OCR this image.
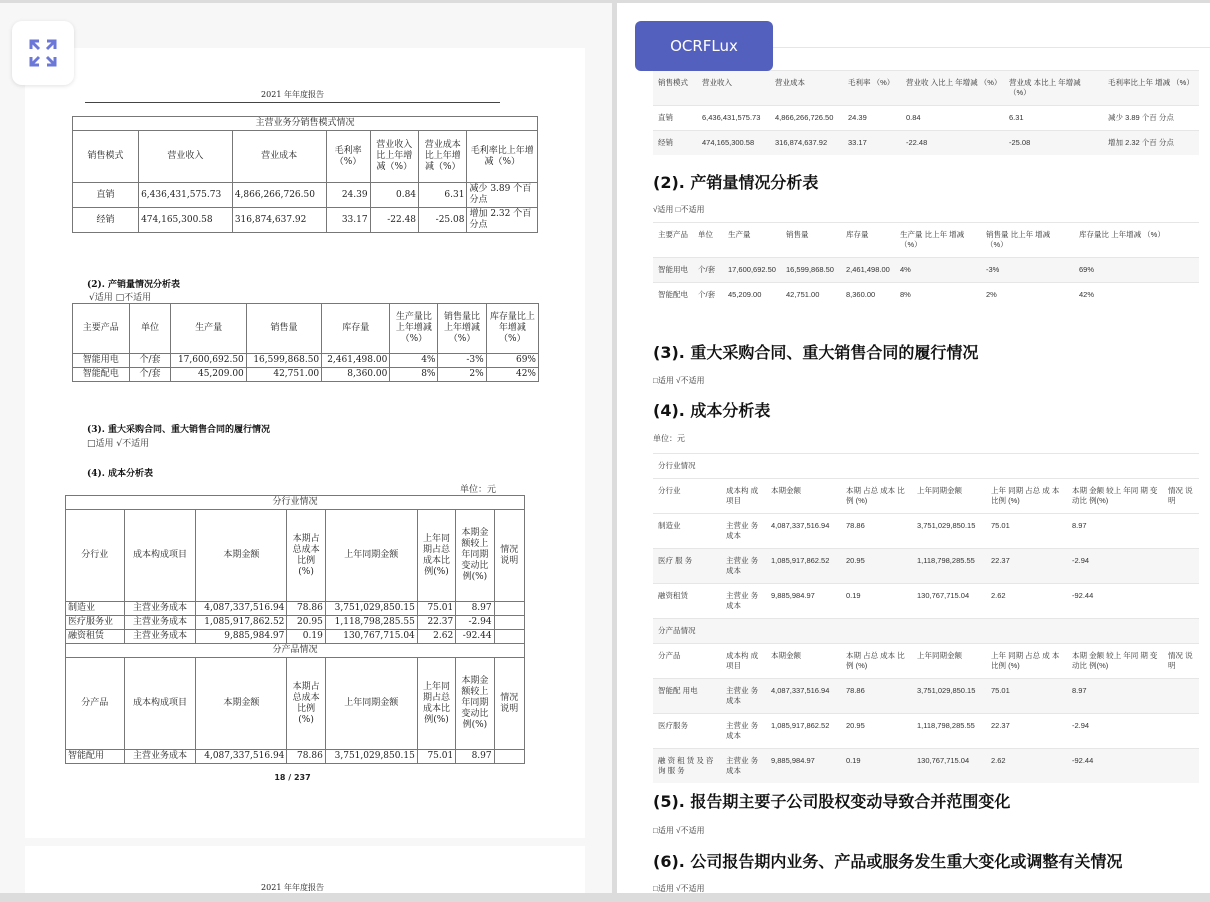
2021 年年度报告
主营业务分销售模式情况						
销售模式	营业收入	营业成本	毛利率（%）	营业收入比上年增减（%）	营业成本比上年增减（%）	毛利率比上年增减（%）
直销	6,436,431,575.73	4,866,266,726.50	24.39	0.84	6.31	减少 3.89 个百分点
经销	474,165,300.58	316,874,637.92	33.17	-22.48	-25.08	增加 2.32 个百分点
(2). 产销量情况分析表
√适用 □不适用
主要产品	单位	生产量	销售量	库存量	生产量比上年增减（%）	销售量比上年增减（%）	库存量比上年增减（%）
智能用电	个/套	17,600,692.50	16,599,868.50	2,461,498.00	4%	-3%	69%
智能配电	个/套	45,209.00	42,751.00	8,360.00	8%	2%	42%
(3). 重大采购合同、重大销售合同的履行情况
□适用 √不适用
(4). 成本分析表
单位：元
分行业情况							
分行业	成本构成项目	本期金额	本期占总成本比例(%)	上年同期金额	上年同期占总成本比例(%)	本期金额较上年同期变动比例(%)	情况说明
制造业	主营业务成本	4,087,337,516.94	78.86	3,751,029,850.15	75.01	8.97	
医疗服务业	主营业务成本	1,085,917,862.52	20.95	1,118,798,285.55	22.37	-2.94	
融资租赁	主营业务成本	9,885,984.97	0.19	130,767,715.04	2.62	-92.44	
分产品情况							
分产品	成本构成项目	本期金额	本期占总成本比例(%)	上年同期金额	上年同期占总成本比例(%)	本期金额较上年同期变动比例(%)	情况说明
智能配用	主营业务成本	4,087,337,516.94	78.86	3,751,029,850.15	75.01	8.97	
18 / 237
2021 年年度报告
OCRFLux
销售模式	营业收入	营业成本	毛利率 （%）	营业收 入比上 年增减 （%）	营业成 本比上 年增减 （%）	毛利率比上年 增减 （%）
直销	6,436,431,575.73	4,866,266,726.50	24.39	0.84	6.31	减少 3.89 个百 分点
经销	474,165,300.58	316,874,637.92	33.17	-22.48	-25.08	增加 2.32 个百 分点
(2). 产销量情况分析表
√适用 □不适用
主要产品	单位	生产量	销售量	库存量	生产量 比上年 增减 （%）	销售量 比上年 增减 （%）	库存量比 上年增减 （%）
智能用电	个/套	17,600,692.50	16,599,868.50	2,461,498.00	4%	-3%	69%
智能配电	个/套	45,209.00	42,751.00	8,360.00	8%	2%	42%
(3). 重大采购合同、重大销售合同的履行情况
□适用 √不适用
(4). 成本分析表
单位：元
分行业情况							
分行业	成本构 成项目	本期金额	本期 占总 成本 比例 (%)	上年同期金额	上年 同期 占总 成 本 比例 (%)	本期 金额 较上 年同 期 变 动比 例(%)	情况 说明
制造业	主营业 务成本	4,087,337,516.94	78.86	3,751,029,850.15	75.01	8.97	
医疗 服 务	主营业 务成本	1,085,917,862.52	20.95	1,118,798,285.55	22.37	-2.94	
融资租赁	主营业 务成本	9,885,984.97	0.19	130,767,715.04	2.62	-92.44	
分产品情况							
分产品	成本构 成项目	本期金额	本期 占总 成本 比例 (%)	上年同期金额	上年 同期 占总 成 本 比例 (%)	本期 金额 较上 年同 期 变 动比 例(%)	情况 说明
智能配 用电	主营业 务成本	4,087,337,516.94	78.86	3,751,029,850.15	75.01	8.97	
医疗服务	主营业 务成本	1,085,917,862.52	20.95	1,118,798,285.55	22.37	-2.94	
融 资 租 赁 及 咨 询 服 务	主营业 务成本	9,885,984.97	0.19	130,767,715.04	2.62	-92.44	
(5). 报告期主要子公司股权变动导致合并范围变化
□适用 √不适用
(6). 公司报告期内业务、产品或服务发生重大变化或调整有关情况
□适用 √不适用
